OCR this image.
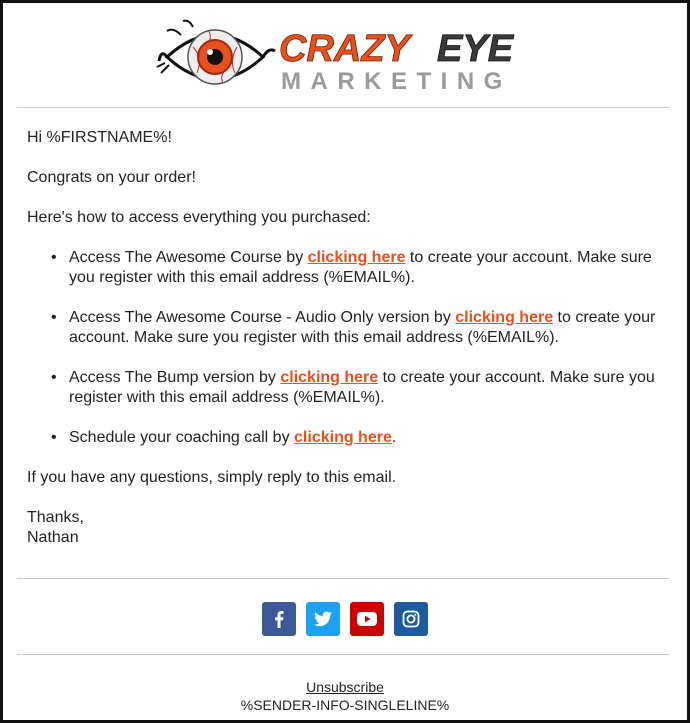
CRAZY EYE
MARKETING

Hi %FIRSTNAME%!

Congrats on your order!

Here's how to access everything you purchased:

• Access The Awesome Course by clicking here to create your account. Make sure you register with this email address (%EMAIL%).
• Access The Awesome Course - Audio Only version by clicking here to create your account. Make sure you register with this email address (%EMAIL%).
• Access The Bump version by clicking here to create your account. Make sure you register with this email address (%EMAIL%).
• Schedule your coaching call by clicking here.

If you have any questions, simply reply to this email.

Thanks,

Nathan

Unsubscribe
%SENDER-INFO-SINGLELINE%
